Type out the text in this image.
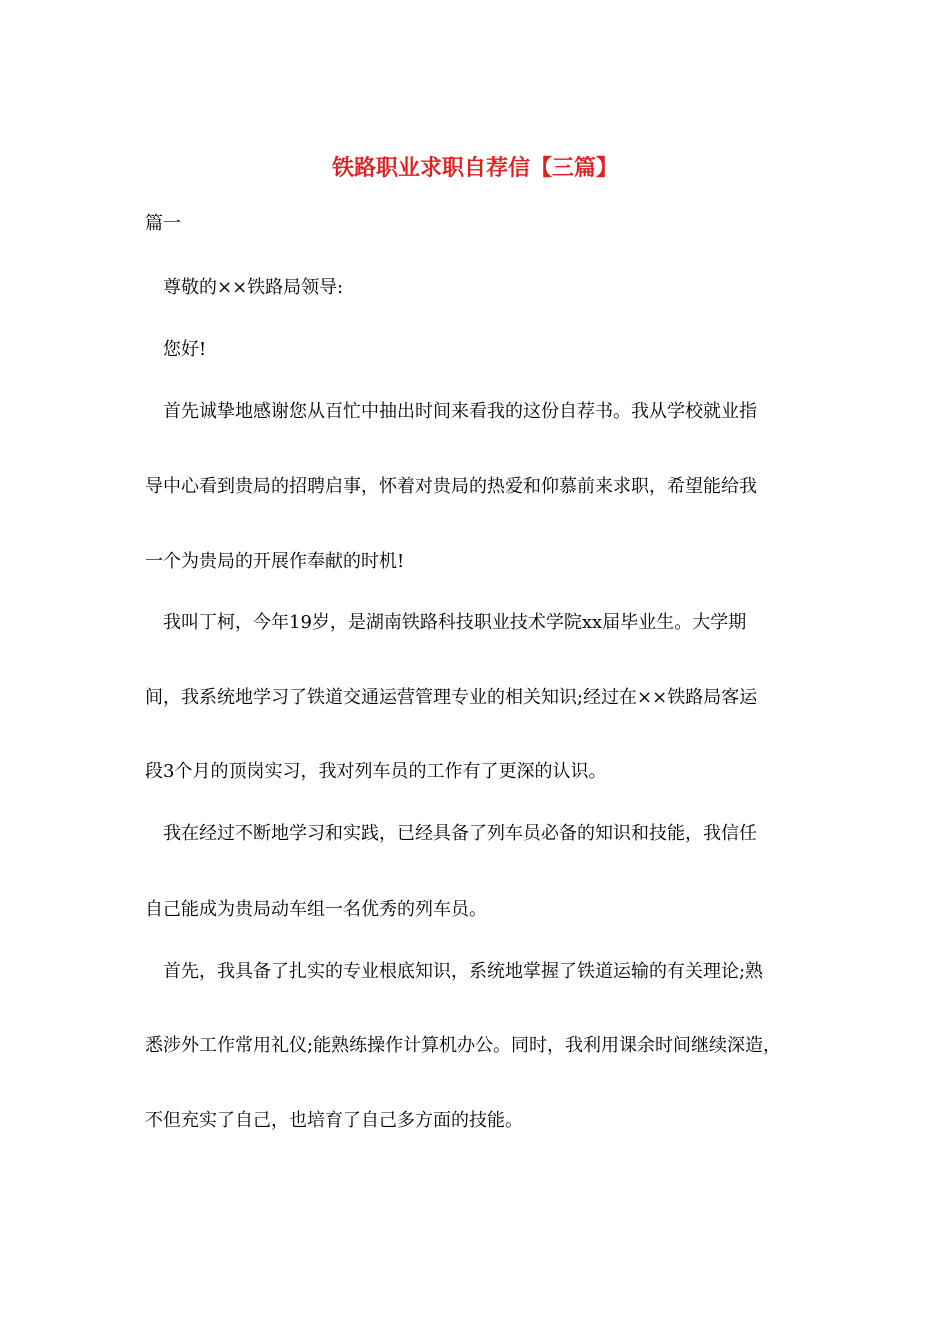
铁路职业求职自荐信【三篇】
篇一
尊敬的××铁路局领导:
您好!
首先诚挚地感谢您从百忙中抽出时间来看我的这份自荐书。我从学校就业指
导中心看到贵局的招聘启事，怀着对贵局的热爱和仰慕前来求职，希望能给我
一个为贵局的开展作奉献的时机!
我叫丁柯，今年19岁，是湖南铁路科技职业技术学院xx届毕业生。大学期
间，我系统地学习了铁道交通运营管理专业的相关知识;经过在××铁路局客运
段3个月的顶岗实习，我对列车员的工作有了更深的认识。
我在经过不断地学习和实践，已经具备了列车员必备的知识和技能，我信任
自己能成为贵局动车组一名优秀的列车员。
首先，我具备了扎实的专业根底知识，系统地掌握了铁道运输的有关理论;熟
悉涉外工作常用礼仪;能熟练操作计算机办公。同时，我利用课余时间继续深造，
不但充实了自己，也培育了自己多方面的技能。
